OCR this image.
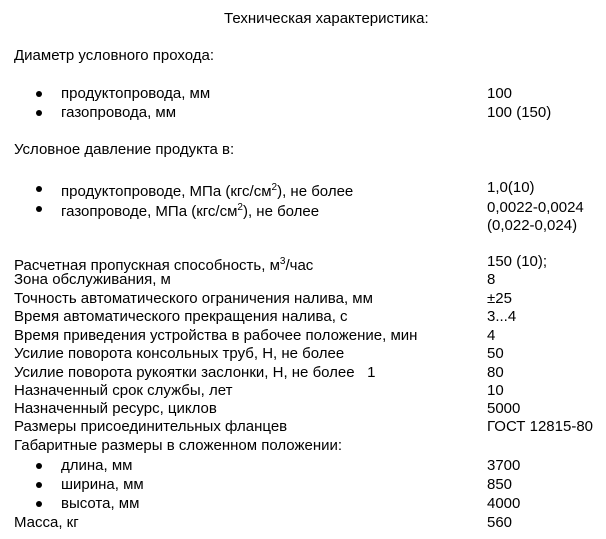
Техническая характеристика:
Диаметр условного прохода:
продуктопровода, мм	100
газопровода, мм	100 (150)
Условное давление продукта в:
продуктопроводе, МПа $(кгс/см^2)$, не более	1,0(10)
газопроводе, МПа $(кгс/см^2)$, не более	0,0022-0,0024
(0,022-0,024)
Расчетная пропускная способность, $м^3$/час	150 (10);
Зона обслуживания, м	8
Точность автоматического ограничения налива, мм	±25
Время автоматического прекращения налива, с	3...4
Время приведения устройства в рабочее положение, мин	4
Усилие поворота консольных труб, Н, не более	50
Усилие поворота рукоятки заслонки, Н, не более   1	80
Назначенный срок службы, лет	10
Назначенный ресурс, циклов	5000
Размеры присоединительных фланцев	ГОСТ 12815-80
Габаритные размеры в сложенном положении:
длина, мм	3700
ширина, мм	850
высота, мм	4000
Масса, кг	560
